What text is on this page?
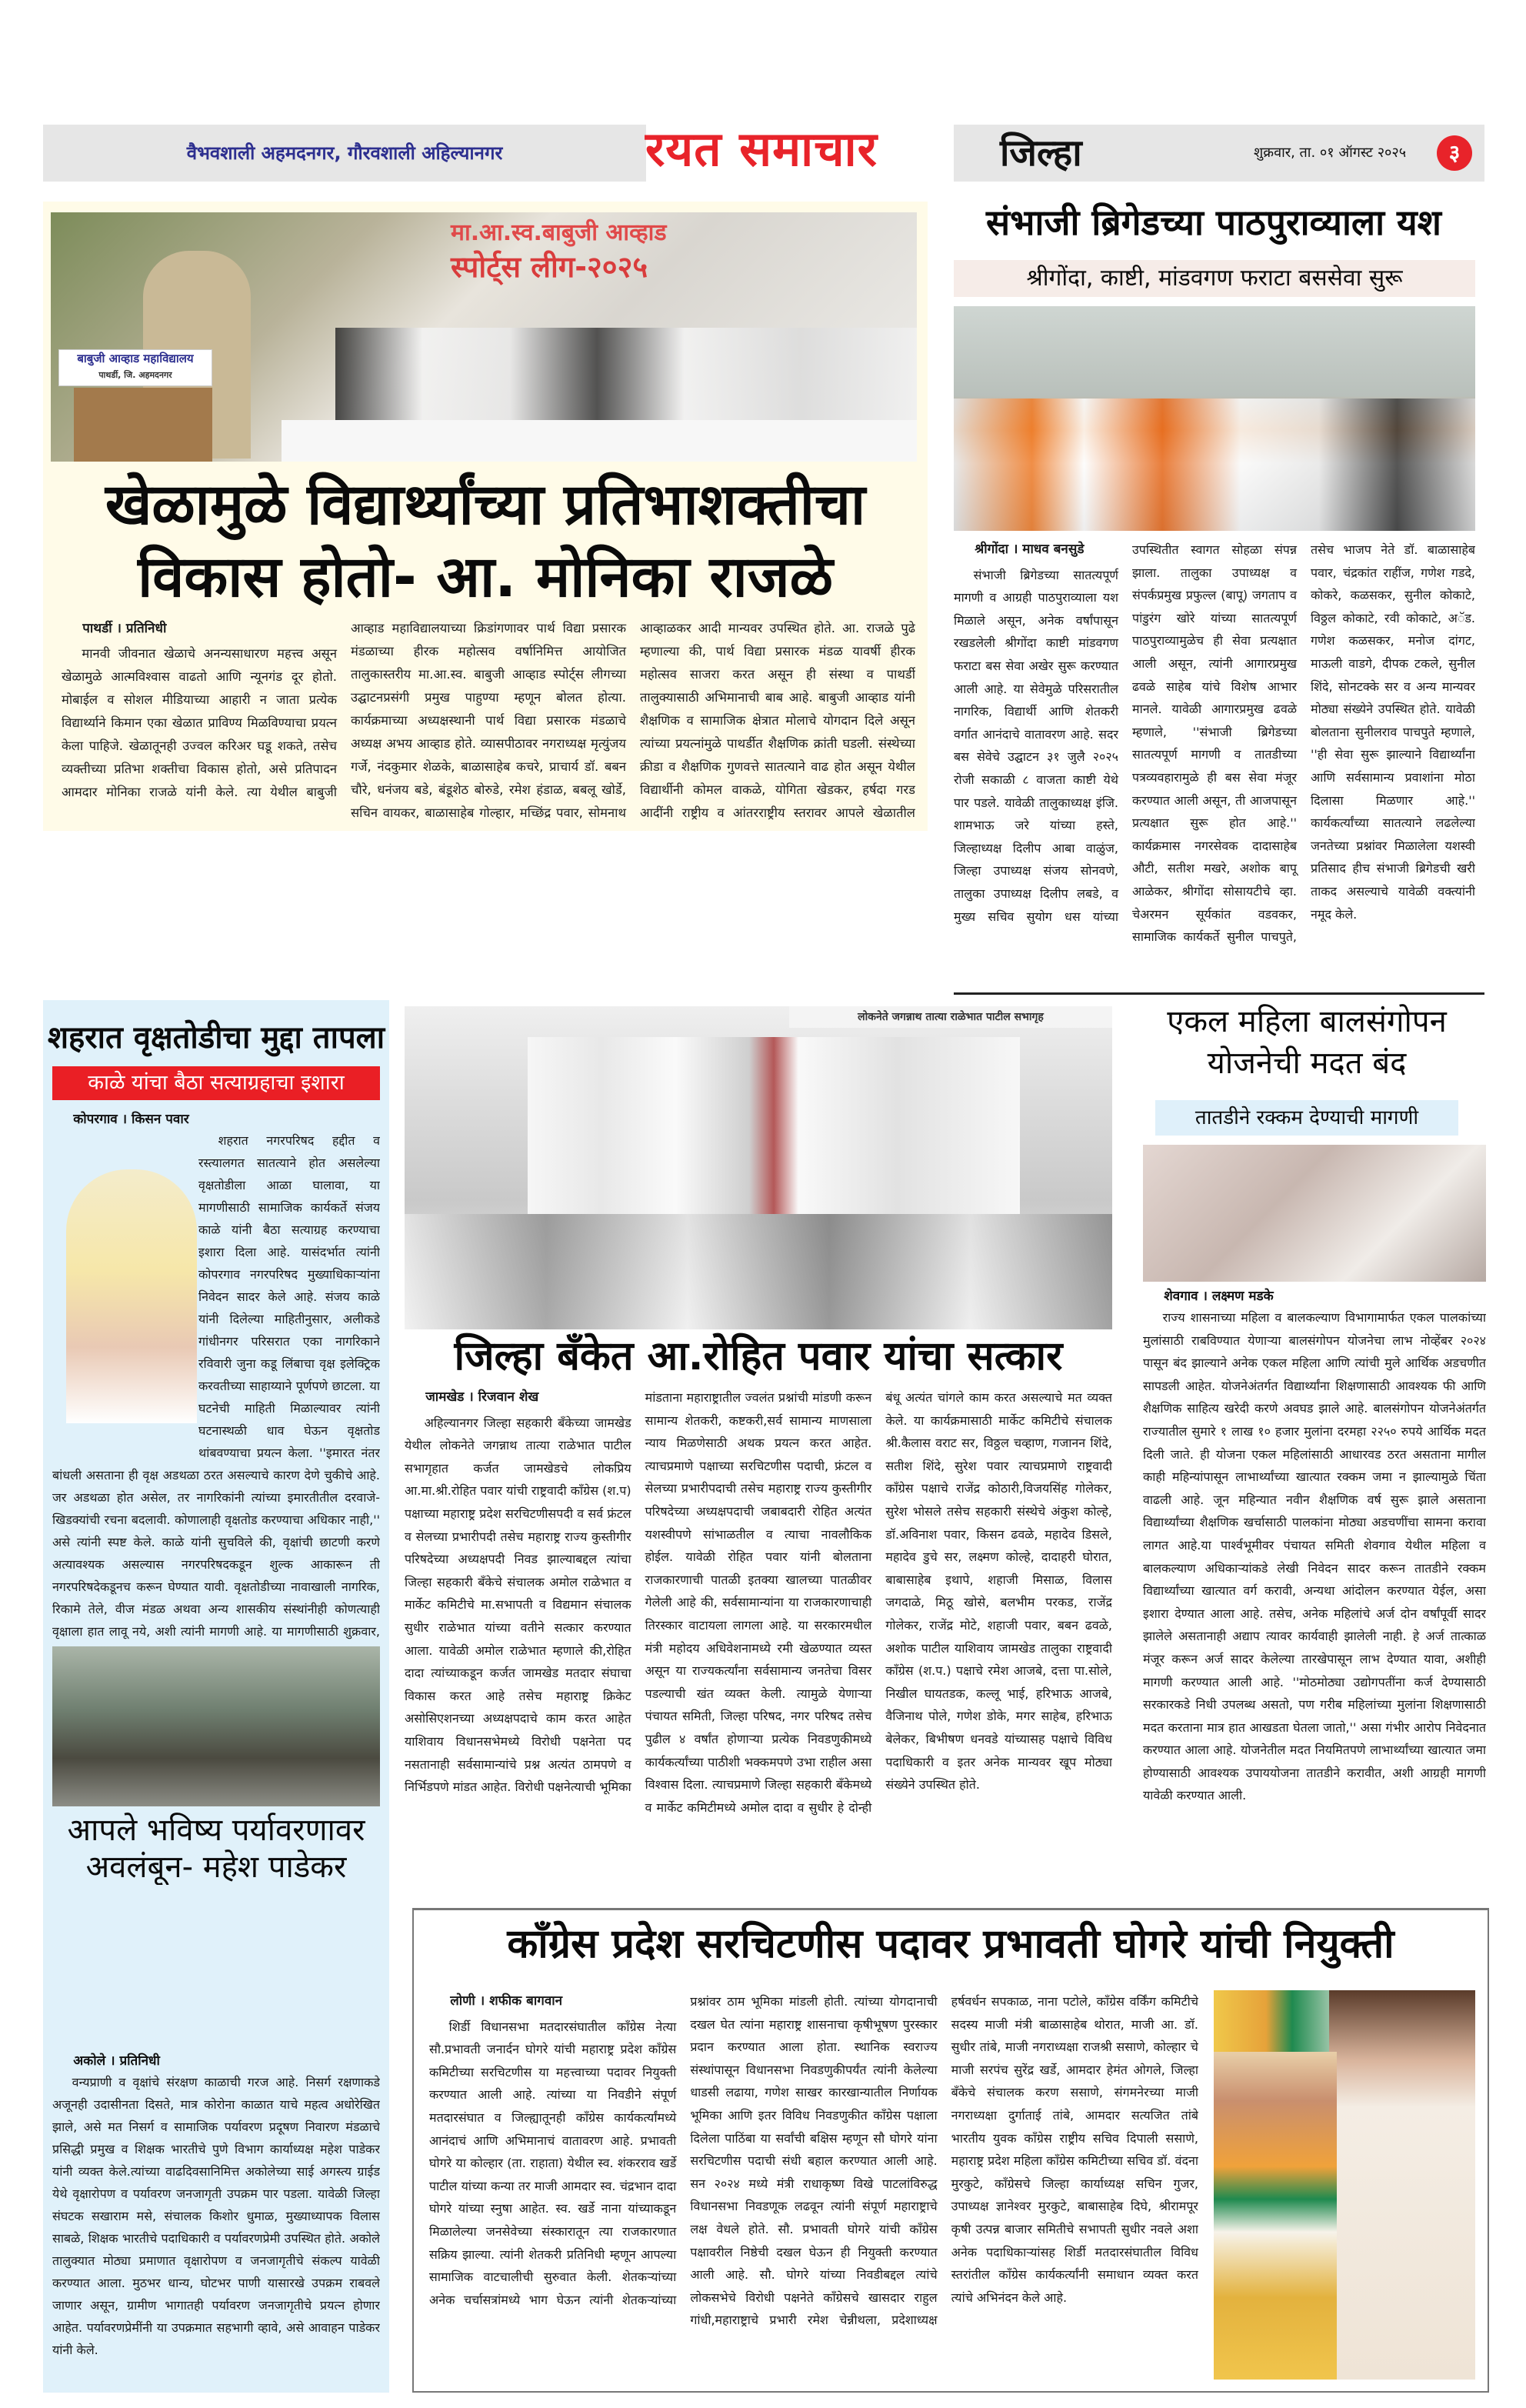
वैभवशाली अहमदनगर, गौरवशाली अहिल्यानगर	रयत समाचार	जिल्हा	शुक्रवार, ता. ०१ ऑगस्ट २०२५	३
बाबुजी आव्हाड महाविद्यालय
पाथर्डी, जि. अहमदनगर
मा.आ.स्व.बाबुजी आव्हाड
स्पोर्ट्स लीग-२०२५
खेळामुळे विद्यार्थ्यांच्या प्रतिभाशक्तीचा
विकास होतो- आ. मोनिका राजळे
पाथर्डी । प्रतिनिधी

मानवी जीवनात खेळाचे अनन्यसाधारण महत्त्व असून खेळामुळे आत्मविश्वास वाढतो आणि न्यूनगंड दूर होतो. मोबाईल व सोशल मीडियाच्या आहारी न जाता प्रत्येक विद्यार्थ्याने किमान एका खेळात प्राविण्य मिळविण्याचा प्रयत्न केला पाहिजे. खेळातूनही उज्वल करिअर घडू शकते, तसेच व्यक्तीच्या प्रतिभा शक्तीचा विकास होतो, असे प्रतिपादन आमदार मोनिका राजळे यांनी केले. त्या येथील बाबुजी आव्हाड महाविद्यालयाच्या क्रिडांगणावर पार्थ विद्या प्रसारक मंडळाच्या हीरक महोत्सव वर्षानिमित्त आयोजित तालुकास्तरीय मा.आ.स्व. बाबुजी आव्हाड स्पोर्ट्स लीगच्या उद्घाटनप्रसंगी प्रमुख पाहुण्या म्हणून बोलत होत्या. कार्यक्रमाच्या अध्यक्षस्थानी पार्थ विद्या प्रसारक मंडळाचे अध्यक्ष अभय आव्हाड होते. व्यासपीठावर नगराध्यक्ष मृत्युंजय गर्जे, नंदकुमार शेळके, बाळासाहेब कचरे, प्राचार्य डॉ. बबन चौरे, धनंजय बडे, बंडूशेठ बोरुडे, रमेश हंडाळ, बबलू खोर्डे, सचिन वायकर, बाळासाहेब गोल्हार, मच्छिंद्र पवार, सोमनाथ आव्हाळकर आदी मान्यवर उपस्थित होते. आ. राजळे पुढे म्हणाल्या की, पार्थ विद्या प्रसारक मंडळ यावर्षी हीरक महोत्सव साजरा करत असून ही संस्था व पाथर्डी तालुक्यासाठी अभिमानाची बाब आहे. बाबुजी आव्हाड यांनी शैक्षणिक व सामाजिक क्षेत्रात मोलाचे योगदान दिले असून त्यांच्या प्रयत्नांमुळे पाथर्डीत शैक्षणिक क्रांती घडली. संस्थेच्या क्रीडा व शैक्षणिक गुणवत्ते सातत्याने वाढ होत असून येथील विद्यार्थीनी कोमल वाकळे, योगिता खेडकर, हर्षदा गरड आदींनी राष्ट्रीय व आंतरराष्ट्रीय स्तरावर आपले खेळातील

संभाजी ब्रिगेडच्या पाठपुराव्याला यश
श्रीगोंदा, काष्टी, मांडवगण फराटा बससेवा सुरू
श्रीगोंदा । माधव बनसुडे

संभाजी ब्रिगेडच्या सातत्यपूर्ण मागणी व आग्रही पाठपुराव्याला यश मिळाले असून, अनेक वर्षांपासून रखडलेली श्रीगोंदा काष्टी मांडवगण फराटा बस सेवा अखेर सुरू करण्यात आली आहे. या सेवेमुळे परिसरातील नागरिक, विद्यार्थी आणि शेतकरी वर्गात आनंदाचे वातावरण आहे. सदर बस सेवेचे उद्घाटन ३१ जुलै २०२५ रोजी सकाळी ८ वाजता काष्टी येथे पार पडले. यावेळी तालुकाध्यक्ष इंजि. शामभाऊ जरे यांच्या हस्ते, जिल्हाध्यक्ष दिलीप आबा वाळुंज, जिल्हा उपाध्यक्ष संजय सोनवणे, तालुका उपाध्यक्ष दिलीप लबडे, व मुख्य सचिव सुयोग धस यांच्या उपस्थितीत स्वागत सोहळा संपन्न झाला. तालुका उपाध्यक्ष व संपर्कप्रमुख प्रफुल्ल (बापू) जगताप व पांडुरंग खोरे यांच्या सातत्यपूर्ण पाठपुराव्यामुळेच ही सेवा प्रत्यक्षात आली असून, त्यांनी आगारप्रमुख ढवळे साहेब यांचे विशेष आभार मानले. यावेळी आगारप्रमुख ढवळे म्हणाले, ''संभाजी ब्रिगेडच्या सातत्यपूर्ण मागणी व तातडीच्या पत्रव्यवहारामुळे ही बस सेवा मंजूर करण्यात आली असून, ती आजपासून प्रत्यक्षात सुरू होत आहे.'' कार्यक्रमास नगरसेवक दादासाहेब औटी, सतीश मखरे, अशोक बापू आळेकर, श्रीगोंदा सोसायटीचे व्हा. चेअरमन सूर्यकांत वडवकर, सामाजिक कार्यकर्ते सुनील पाचपुते, तसेच भाजप नेते डॉ. बाळासाहेब पवार, चंद्रकांत राहींज, गणेश गडदे, कोकरे, कळसकर, सुनील कोकाटे, विठ्ठल कोकाटे, रवी कोकाटे, अॅड. गणेश कळसकर, मनोज दांगट, माऊली वाडगे, दीपक टकले, सुनील शिंदे, सोनटक्के सर व अन्य मान्यवर मोठ्या संख्येने उपस्थित होते. यावेळी बोलताना सुनीलराव पाचपुते म्हणाले, ''ही सेवा सुरू झाल्याने विद्यार्थ्यांना आणि सर्वसामान्य प्रवाशांना मोठा दिलासा मिळणार आहे.'' कार्यकर्त्यांच्या सातत्याने लढलेल्या जनतेच्या प्रश्नांवर मिळालेला यशस्वी प्रतिसाद हीच संभाजी ब्रिगेडची खरी ताकद असल्याचे यावेळी वक्त्यांनी नमूद केले.

शहरात वृक्षतोडीचा मुद्दा तापला
काळे यांचा बैठा सत्याग्रहाचा इशारा
कोपरगाव । किसन पवार

शहरात नगरपरिषद हद्दीत व रस्त्यालगत सातत्याने होत असलेल्या वृक्षतोडीला आळा घालावा, या मागणीसाठी सामाजिक कार्यकर्ते संजय काळे यांनी बैठा सत्याग्रह करण्याचा इशारा दिला आहे. यासंदर्भात त्यांनी कोपरगाव नगरपरिषद मुख्याधिकाऱ्यांना निवेदन सादर केले आहे. संजय काळे यांनी दिलेल्या माहितीनुसार, अलीकडे गांधीनगर परिसरात एका नागरिकाने रविवारी जुना कडू लिंबाचा वृक्ष इलेक्ट्रिक करवतीच्या साहाय्याने पूर्णपणे छाटला. या घटनेची माहिती मिळाल्यावर त्यांनी घटनास्थळी धाव घेऊन वृक्षतोड थांबवण्याचा प्रयत्न केला. ''इमारत नंतर बांधली असताना ही वृक्ष अडथळा ठरत असल्याचे कारण देणे चुकीचे आहे. जर अडथळा होत असेल, तर नागरिकांनी त्यांच्या इमारतीतील दरवाजे-खिडक्यांची रचना बदलावी. कोणालाही वृक्षतोड करण्याचा अधिकार नाही,'' असे त्यांनी स्पष्ट केले. काळे यांनी सुचविले की, वृक्षांची छाटणी करणे अत्यावश्यक असल्यास नगरपरिषदकडून शुल्क आकारून ती नगरपरिषदेकडूनच करून घेण्यात यावी. वृक्षतोडीच्या नावाखाली नागरिक, रिकामे तेले, वीज मंडळ अथवा अन्य शासकीय संस्थांनीही कोणत्याही वृक्षाला हात लावू नये, अशी त्यांनी मागणी आहे. या मागणीसाठी शुक्रवार,

आपले भविष्य पर्यावरणावर
अवलंबून- महेश पाडेकर
अकोले । प्रतिनिधी

वन्यप्राणी व वृक्षांचे संरक्षण काळाची गरज आहे. निसर्ग रक्षणाकडे अजूनही उदासीनता दिसते, मात्र कोरोना काळात याचे महत्व अधोरेखित झाले, असे मत निसर्ग व सामाजिक पर्यावरण प्रदूषण निवारण मंडळाचे प्रसिद्धी प्रमुख व शिक्षक भारतीचे पुणे विभाग कार्याध्यक्ष महेश पाडेकर यांनी व्यक्त केले.त्यांच्या वाढदिवसानिमित्त अकोलेच्या साई अगस्त्य ग्राईड येथे वृक्षारोपण व पर्यावरण जनजागृती उपक्रम पार पडला. यावेळी जिल्हा संघटक सखाराम मसे, संचालक किशोर धुमाळ, मुख्याध्यापक विलास साबळे, शिक्षक भारतीचे पदाधिकारी व पर्यावरणप्रेमी उपस्थित होते. अकोले तालुक्यात मोठ्या प्रमाणात वृक्षारोपण व जनजागृतीचे संकल्प यावेळी करण्यात आला. मुठभर धान्य, घोटभर पाणी यासारखे उपक्रम राबवले जाणार असून, ग्रामीण भागातही पर्यावरण जनजागृतीचे प्रयत्न होणार आहेत. पर्यावरणप्रेमींनी या उपक्रमात सहभागी व्हावे, असे आवाहन पाडेकर यांनी केले.

लोकनेते जगन्नाथ तात्या राळेभात पाटील सभागृह
जिल्हा बँकेत आ.रोहित पवार यांचा सत्कार
जामखेड । रिजवान शेख

अहिल्यानगर जिल्हा सहकारी बँकेच्या जामखेड येथील लोकनेते जगन्नाथ तात्या राळेभात पाटील सभागृहात कर्जत जामखेडचे लोकप्रिय आ.मा.श्री.रोहित पवार यांची राष्ट्रवादी काँग्रेस (श.प) पक्षाच्या महाराष्ट्र प्रदेश सरचिटणीसपदी व सर्व फ्रंटल व सेलच्या प्रभारीपदी तसेच महाराष्ट्र राज्य कुस्तीगीर परिषदेच्या अध्यक्षपदी निवड झाल्याबद्दल त्यांचा जिल्हा सहकारी बँकेचे संचालक अमोल राळेभात व मार्केट कमिटीचे मा.सभापती व विद्यमान संचालक सुधीर राळेभात यांच्या वतीने सत्कार करण्यात आला. यावेळी अमोल राळेभात म्हणाले की,रोहित दादा त्यांच्याकडून कर्जत जामखेड मतदार संघाचा विकास करत आहे तसेच महाराष्ट्र क्रिकेट असोसिएशनच्या अध्यक्षपदाचे काम करत आहेत याशिवाय विधानसभेमध्ये विरोधी पक्षनेता पद नसतानाही सर्वसामान्यांचे प्रश्न अत्यंत ठामपणे व निर्भिडपणे मांडत आहेत. विरोधी पक्षनेत्याची भूमिका मांडताना महाराष्ट्रातील ज्वलंत प्रश्नांची मांडणी करून सामान्य शेतकरी, कष्टकरी,सर्व सामान्य माणसाला न्याय मिळणेसाठी अथक प्रयत्न करत आहेत. त्याचप्रमाणे पक्षाच्या सरचिटणीस पदाची, फ्रंटल व सेलच्या प्रभारीपदाची तसेच महाराष्ट्र राज्य कुस्तीगीर परिषदेच्या अध्यक्षपदाची जबाबदारी रोहित अत्यंत यशस्वीपणे सांभाळतील व त्याचा नावलौकिक होईल. यावेळी रोहित पवार यांनी बोलताना राजकारणाची पातळी इतक्या खालच्या पातळीवर गेलेली आहे की, सर्वसामान्यांना या राजकारणाचाही तिरस्कार वाटायला लागला आहे. या सरकारमधील मंत्री महोदय अधिवेशनामध्ये रमी खेळण्यात व्यस्त असून या राज्यकर्त्यांना सर्वसामान्य जनतेचा विसर पडल्याची खंत व्यक्त केली. त्यामुळे येणाऱ्या पंचायत समिती, जिल्हा परिषद, नगर परिषद तसेच पुढील ४ वर्षांत होणाऱ्या प्रत्येक निवडणुकीमध्ये कार्यकर्त्यांच्या पाठीशी भक्कमपणे उभा राहील असा विश्वास दिला. त्याचप्रमाणे जिल्हा सहकारी बँकेमध्ये व मार्केट कमिटीमध्ये अमोल दादा व सुधीर हे दोन्ही बंधू अत्यंत चांगले काम करत असल्याचे मत व्यक्त केले. या कार्यक्रमासाठी मार्केट कमिटीचे संचालक श्री.कैलास वराट सर, विठ्ठल चव्हाण, गजानन शिंदे, सतीश शिंदे, सुरेश पवार त्याचप्रमाणे राष्ट्रवादी काँग्रेस पक्षाचे राजेंद्र कोठारी,विजयसिंह गोलेकर, सुरेश भोसले तसेच सहकारी संस्थेचे अंकुश कोल्हे, डॉ.अविनाश पवार, किसन ढवळे, महादेव डिसले, महादेव डुचे सर, लक्ष्मण कोल्हे, दादाहरी घोरात, बाबासाहेब इथापे, शहाजी मिसाळ, विलास जगदाळे, मिठू खोसे, बलभीम परकड, राजेंद्र गोलेकर, राजेंद्र मोटे, शहाजी पवार, बबन ढवळे, अशोक पाटील याशिवाय जामखेड तालुका राष्ट्रवादी काँग्रेस (श.प.) पक्षाचे रमेश आजबे, दत्ता पा.सोले, निखील घायतडक, कल्लू भाई, हरिभाऊ आजबे, वैजिनाथ पोले, गणेश डोके, मगर साहेब, हरिभाऊ बेलेकर, बिभीषण धनवडे यांच्यासह पक्षाचे विविध पदाधिकारी व इतर अनेक मान्यवर खूप मोठ्या संख्येने उपस्थित होते.

एकल महिला बालसंगोपन
योजनेची मदत बंद
तातडीने रक्कम देण्याची मागणी
शेवगाव । लक्ष्मण मडके

राज्य शासनाच्या महिला व बालकल्याण विभागामार्फत एकल पालकांच्या मुलांसाठी राबविण्यात येणाऱ्या बालसंगोपन योजनेचा लाभ नोव्हेंबर २०२४ पासून बंद झाल्याने अनेक एकल महिला आणि त्यांची मुले आर्थिक अडचणीत सापडली आहेत. योजनेअंतर्गत विद्यार्थ्यांना शिक्षणासाठी आवश्यक फी आणि शैक्षणिक साहित्य खरेदी करणे अवघड झाले आहे. बालसंगोपन योजनेअंतर्गत राज्यातील सुमारे १ लाख १० हजार मुलांना दरमहा २२५० रुपये आर्थिक मदत दिली जाते. ही योजना एकल महिलांसाठी आधारवड ठरत असताना मागील काही महिन्यांपासून लाभार्थ्यांच्या खात्यात रक्कम जमा न झाल्यामुळे चिंता वाढली आहे. जून महिन्यात नवीन शैक्षणिक वर्ष सुरू झाले असताना विद्यार्थ्यांच्या शैक्षणिक खर्चासाठी पालकांना मोठ्या अडचणींचा सामना करावा लागत आहे.या पार्श्वभूमीवर पंचायत समिती शेवगाव येथील महिला व बालकल्याण अधिकाऱ्यांकडे लेखी निवेदन सादर करून तातडीने रक्कम विद्यार्थ्यांच्या खात्यात वर्ग करावी, अन्यथा आंदोलन करण्यात येईल, असा इशारा देण्यात आला आहे. तसेच, अनेक महिलांचे अर्ज दोन वर्षांपूर्वी सादर झालेले असतानाही अद्याप त्यावर कार्यवाही झालेली नाही. हे अर्ज तात्काळ मंजूर करून अर्ज सादर केलेल्या तारखेपासून लाभ देण्यात यावा, अशीही मागणी करण्यात आली आहे. ''मोठमोठ्या उद्योगपतींना कर्ज देण्यासाठी सरकारकडे निधी उपलब्ध असतो, पण गरीब महिलांच्या मुलांना शिक्षणासाठी मदत करताना मात्र हात आखडता घेतला जातो,'' असा गंभीर आरोप निवेदनात करण्यात आला आहे. योजनेतील मदत नियमितपणे लाभार्थ्यांच्या खात्यात जमा होण्यासाठी आवश्यक उपाययोजना तातडीने करावीत, अशी आग्रही मागणी यावेळी करण्यात आली.

काँग्रेस प्रदेश सरचिटणीस पदावर प्रभावती घोगरे यांची नियुक्ती
लोणी । शफीक बागवान

शिर्डी विधानसभा मतदारसंघातील काँग्रेस नेत्या सौ.प्रभावती जनार्दन घोगरे यांची महाराष्ट्र प्रदेश काँग्रेस कमिटीच्या सरचिटणीस या महत्त्वाच्या पदावर नियुक्ती करण्यात आली आहे. त्यांच्या या निवडीने संपूर्ण मतदारसंघात व जिल्ह्यातूनही काँग्रेस कार्यकर्त्यांमध्ये आनंदाचं आणि अभिमानाचं वातावरण आहे. प्रभावती घोगरे या कोल्हार (ता. राहाता) येथील स्व. शंकरराव खर्डे पाटील यांच्या कन्या तर माजी आमदार स्व. चंद्रभान दादा घोगरे यांच्या स्नुषा आहेत. स्व. खर्डे नाना यांच्याकडून मिळालेल्या जनसेवेच्या संस्कारातून त्या राजकारणात सक्रिय झाल्या. त्यांनी शेतकरी प्रतिनिधी म्हणून आपल्या सामाजिक वाटचालीची सुरुवात केली. शेतकऱ्यांच्या अनेक चर्चासत्रांमध्ये भाग घेऊन त्यांनी शेतकऱ्यांच्या प्रश्नांवर ठाम भूमिका मांडली होती. त्यांच्या योगदानाची दखल घेत त्यांना महाराष्ट्र शासनाचा कृषीभूषण पुरस्कार प्रदान करण्यात आला होता. स्थानिक स्वराज्य संस्थांपासून विधानसभा निवडणुकीपर्यंत त्यांनी केलेल्या धाडसी लढाया, गणेश साखर कारखान्यातील निर्णायक भूमिका आणि इतर विविध निवडणुकीत काँग्रेस पक्षाला दिलेला पाठिंबा या सर्वांची बक्षिस म्हणून सौ घोगरे यांना सरचिटणीस पदाची संधी बहाल करण्यात आली आहे. सन २०२४ मध्ये मंत्री राधाकृष्ण विखे पाटलांविरुद्ध विधानसभा निवडणूक लढवून त्यांनी संपूर्ण महाराष्ट्राचे लक्ष वेधले होते. सौ. प्रभावती घोगरे यांची काँग्रेस पक्षावरील निष्ठेची दखल घेऊन ही नियुक्ती करण्यात आली आहे. सौ. घोगरे यांच्या निवडीबद्दल त्यांचे लोकसभेचे विरोधी पक्षनेते काँग्रेसचे खासदार राहुल गांधी,महाराष्ट्राचे प्रभारी रमेश चेन्नीथला, प्रदेशाध्यक्ष हर्षवर्धन सपकाळ, नाना पटोले, काँग्रेस वर्किंग कमिटीचे सदस्य माजी मंत्री बाळासाहेब थोरात, माजी आ. डॉ. सुधीर तांबे, माजी नगराध्यक्षा राजश्री ससाणे, कोल्हार चे माजी सरपंच सुरेंद्र खर्डे, आमदार हेमंत ओगले, जिल्हा बँकेचे संचालक करण ससाणे, संगमनेरच्या माजी नगराध्यक्षा दुर्गाताई तांबे, आमदार सत्यजित तांबे भारतीय युवक काँग्रेस राष्ट्रीय सचिव दिपाली ससाणे, महाराष्ट्र प्रदेश महिला काँग्रेस कमिटीच्या सचिव डॉ. वंदना मुरकुटे, काँग्रेसचे जिल्हा कार्याध्यक्ष सचिन गुजर, उपाध्यक्ष ज्ञानेश्वर मुरकुटे, बाबासाहेब दिघे, श्रीरामपूर कृषी उत्पन्न बाजार समितीचे सभापती सुधीर नवले अशा अनेक पदाधिकाऱ्यांसह शिर्डी मतदारसंघातील विविध स्तरांतील काँग्रेस कार्यकर्त्यांनी समाधान व्यक्त करत त्यांचे अभिनंदन केले आहे.
